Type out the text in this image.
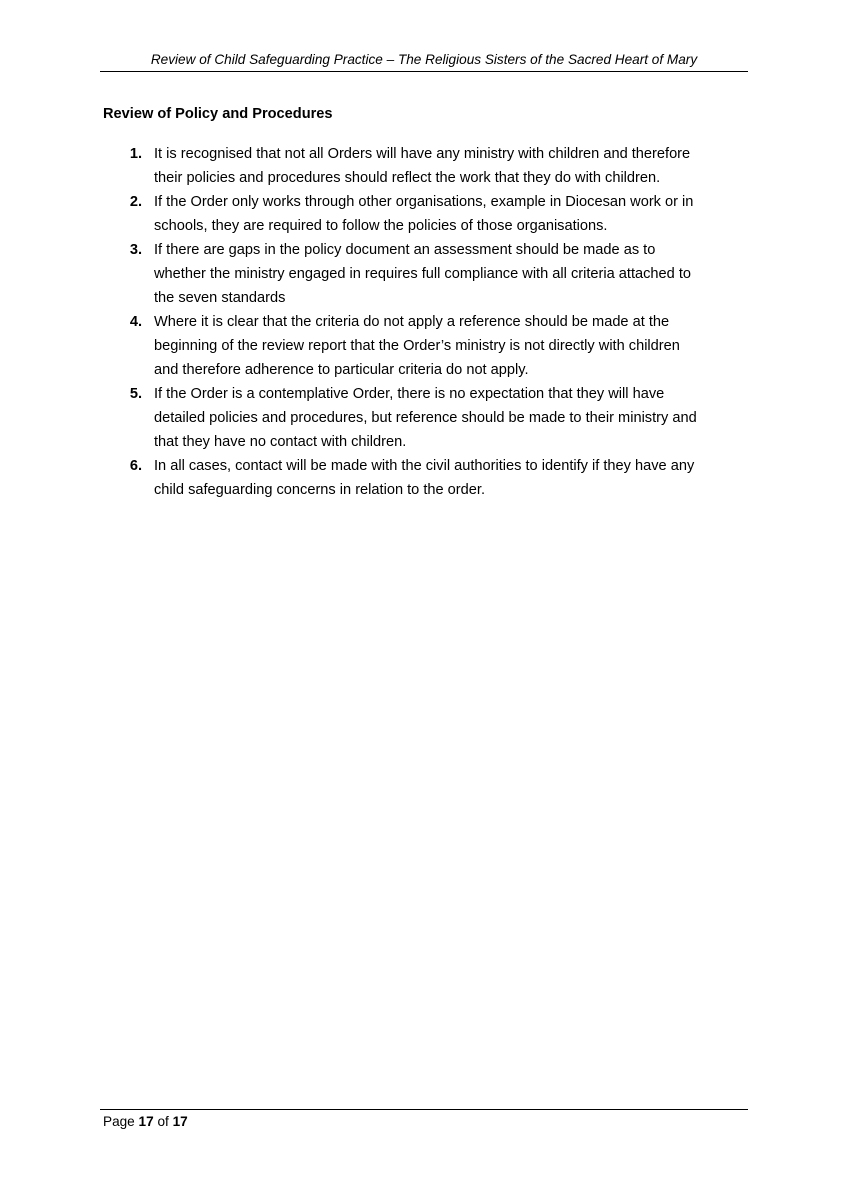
Review of Child Safeguarding Practice – The Religious Sisters of the Sacred Heart of Mary
Review of Policy and Procedures
1. It is recognised that not all Orders will have any ministry with children and therefore
their policies and procedures should reflect the work that they do with children.
2. If the Order only works through other organisations, example in Diocesan work or in
schools, they are required to follow the policies of those organisations.
3. If there are gaps in the policy document an assessment should be made as to
whether the ministry engaged in requires full compliance with all criteria attached to
the seven standards
4. Where it is clear that the criteria do not apply a reference should be made at the
beginning of the review report that the Order’s ministry is not directly with children
and therefore adherence to particular criteria do not apply.
5. If the Order is a contemplative Order, there is no expectation that they will have
detailed policies and procedures, but reference should be made to their ministry and
that they have no contact with children.
6. In all cases, contact will be made with the civil authorities to identify if they have any
child safeguarding concerns in relation to the order.
Page 17 of 17
